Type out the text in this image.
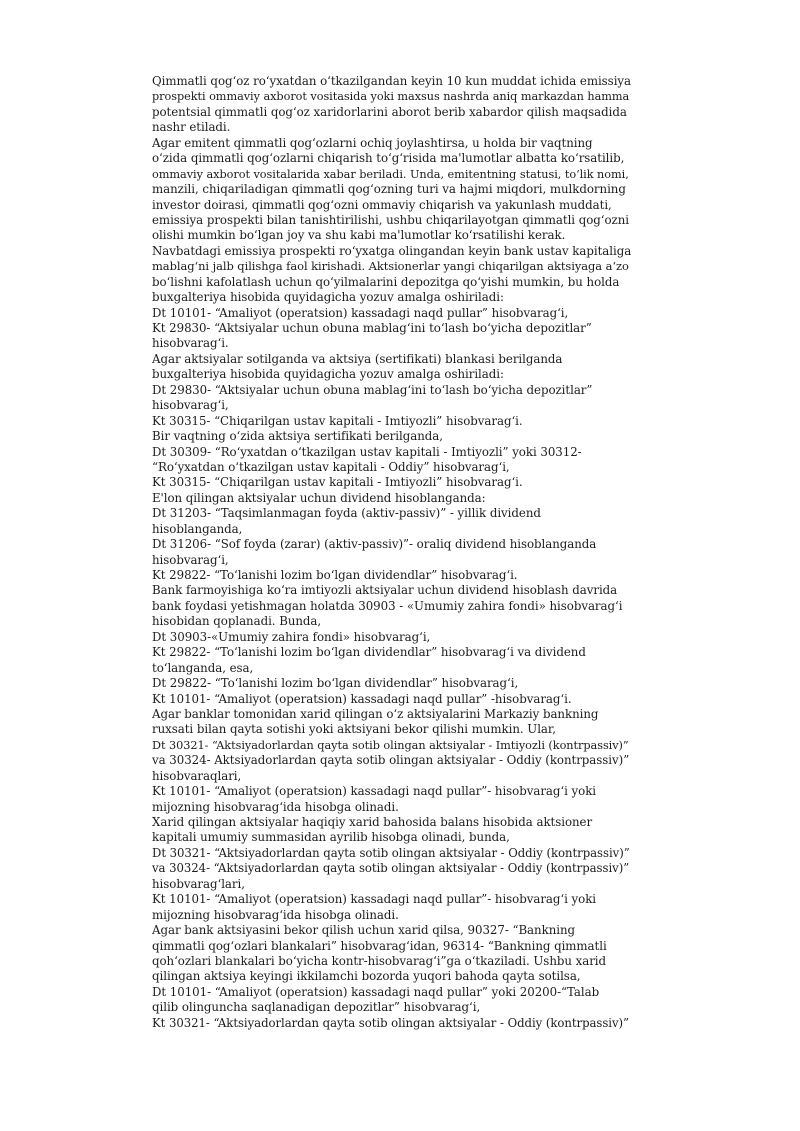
Qimmatli qog‘oz ro‘yxatdan o‘tkazilgandan keyin 10 kun muddat ichida emissiya
prospekti ommaviy axborot vositasida yoki maxsus nashrda aniq markazdan hamma
potentsial qimmatli qog‘oz xaridorlarini aborot berib xabardor qilish maqsadida
nashr etiladi.
Agar emitent qimmatli qog‘ozlarni ochiq joylashtirsa, u holda bir vaqtning
o‘zida qimmatli qog‘ozlarni chiqarish to‘g‘risida ma'lumotlar albatta ko‘rsatilib,
ommaviy axborot vositalarida xabar beriladi. Unda, emitentning statusi, to‘lik nomi,
manzili, chiqariladigan qimmatli qog‘ozning turi va hajmi miqdori, mulkdorning
investor doirasi, qimmatli qog‘ozni ommaviy chiqarish va yakunlash muddati,
emissiya prospekti bilan tanishtirilishi, ushbu chiqarilayotgan qimmatli qog‘ozni
olishi mumkin bo‘lgan joy va shu kabi ma'lumotlar ko‘rsatilishi kerak.
Navbatdagi emissiya prospekti ro‘yxatga olingandan keyin bank ustav kapitaliga
mablag‘ni jalb qilishga faol kirishadi. Aktsionerlar yangi chiqarilgan aktsiyaga a‘zo
bo‘lishni kafolatlash uchun qo‘yilmalarini depozitga qo‘yishi mumkin, bu holda
buxgalteriya hisobida quyidagicha yozuv amalga oshiriladi:
Dt 10101- “Amaliyot (operatsion) kassadagi naqd pullar” hisobvarag‘i,
Kt 29830- “Aktsiyalar uchun obuna mablag‘ini to‘lash bo‘yicha depozitlar”
hisobvarag‘i.
Agar aktsiyalar sotilganda va aktsiya (sertifikati) blankasi berilganda
buxgalteriya hisobida quyidagicha yozuv amalga oshiriladi:
Dt 29830- “Aktsiyalar uchun obuna mablag‘ini to‘lash bo‘yicha depozitlar”
hisobvarag‘i,
Kt 30315- “Chiqarilgan ustav kapitali - Imtiyozli” hisobvarag‘i.
Bir vaqtning o‘zida aktsiya sertifikati berilganda,
Dt 30309- “Ro‘yxatdan o‘tkazilgan ustav kapitali - Imtiyozli” yoki 30312-
“Ro‘yxatdan o‘tkazilgan ustav kapitali - Oddiy” hisobvarag‘i,
Kt 30315- “Chiqarilgan ustav kapitali - Imtiyozli” hisobvarag‘i.
E'lon qilingan aktsiyalar uchun dividend hisoblanganda:
Dt 31203- “Taqsimlanmagan foyda (aktiv-passiv)” - yillik dividend
hisoblanganda,
Dt 31206- “Sof foyda (zarar) (aktiv-passiv)”- oraliq dividend hisoblanganda
hisobvarag‘i,
Kt 29822- “To‘lanishi lozim bo‘lgan dividendlar” hisobvarag‘i.
Bank farmoyishiga ko‘ra imtiyozli aktsiyalar uchun dividend hisoblash davrida
bank foydasi yetishmagan holatda 30903 - «Umumiy zahira fondi» hisobvarag‘i
hisobidan qoplanadi. Bunda,
Dt 30903-«Umumiy zahira fondi» hisobvarag‘i,
Kt 29822- “To‘lanishi lozim bo‘lgan dividendlar” hisobvarag‘i va dividend
to‘langanda, esa,
Dt 29822- “To‘lanishi lozim bo‘lgan dividendlar” hisobvarag‘i,
Kt 10101- “Amaliyot (operatsion) kassadagi naqd pullar” -hisobvarag‘i.
Agar banklar tomonidan xarid qilingan o‘z aktsiyalarini Markaziy bankning
ruxsati bilan qayta sotishi yoki aktsiyani bekor qilishi mumkin. Ular,
Dt 30321- “Aktsiyadorlardan qayta sotib olingan aktsiyalar - Imtiyozli (kontrpassiv)”
va 30324- Aktsiyadorlardan qayta sotib olingan aktsiyalar - Oddiy (kontrpassiv)”
hisobvaraqlari,
Kt 10101- “Amaliyot (operatsion) kassadagi naqd pullar”- hisobvarag‘i yoki
mijozning hisobvarag‘ida hisobga olinadi.
Xarid qilingan aktsiyalar haqiqiy xarid bahosida balans hisobida aktsioner
kapitali umumiy summasidan ayrilib hisobga olinadi, bunda,
Dt 30321- “Aktsiyadorlardan qayta sotib olingan aktsiyalar - Oddiy (kontrpassiv)”
va 30324- “Aktsiyadorlardan qayta sotib olingan aktsiyalar - Oddiy (kontrpassiv)”
hisobvarag‘lari,
Kt 10101- “Amaliyot (operatsion) kassadagi naqd pullar”- hisobvarag‘i yoki
mijozning hisobvarag‘ida hisobga olinadi.
Agar bank aktsiyasini bekor qilish uchun xarid qilsa, 90327- “Bankning
qimmatli qog‘ozlari blankalari” hisobvarag‘idan, 96314- “Bankning qimmatli
qoh‘ozlari blankalari bo‘yicha kontr-hisobvarag‘i”ga o‘tkaziladi. Ushbu xarid
qilingan aktsiya keyingi ikkilamchi bozorda yuqori bahoda qayta sotilsa,
Dt 10101- “Amaliyot (operatsion) kassadagi naqd pullar” yoki 20200-“Talab
qilib olinguncha saqlanadigan depozitlar” hisobvarag‘i,
Kt 30321- “Aktsiyadorlardan qayta sotib olingan aktsiyalar - Oddiy (kontrpassiv)”
